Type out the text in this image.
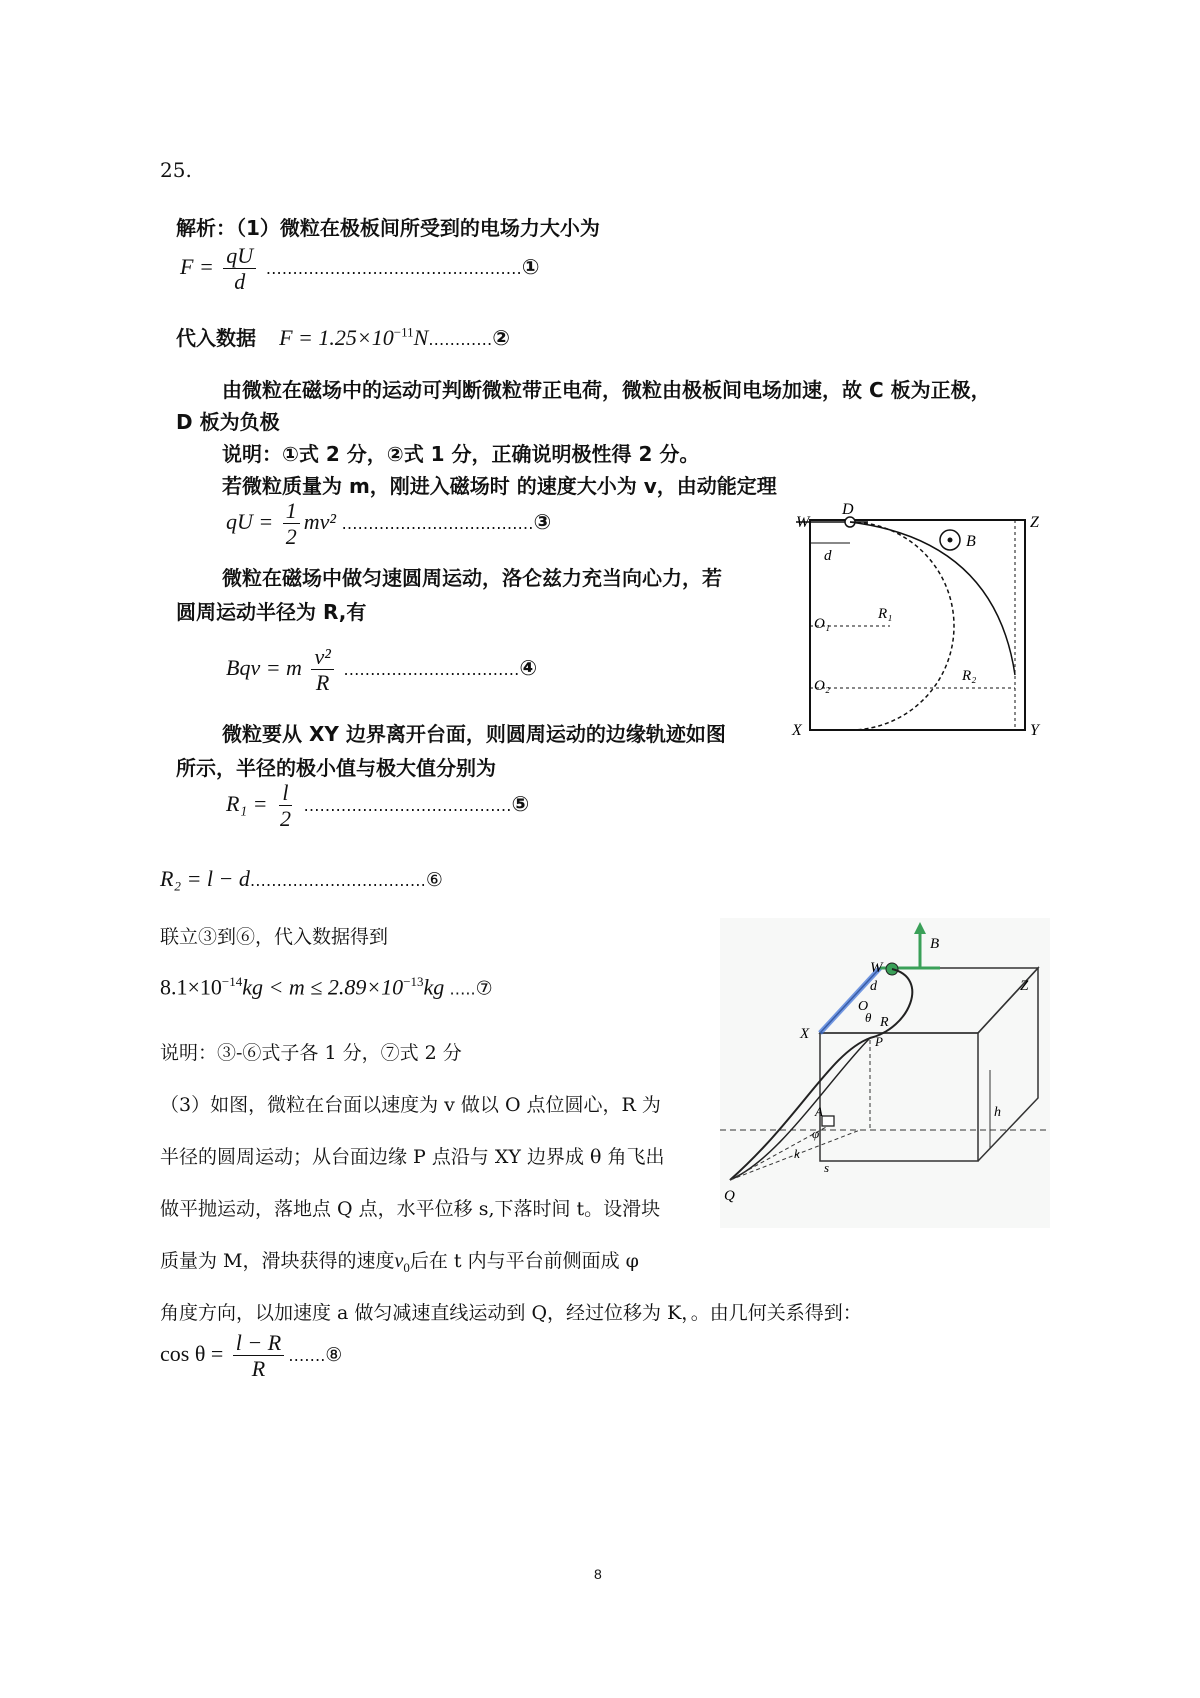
25.
解析：（1）微粒在极板间所受到的电场力大小为
$F = \frac{qU}{d}$ …………………………………………①
代入数据 $F = 1.25\times 10^{-11}N\dots\dots\dots\dots ②$
由微粒在磁场中的运动可判断微粒带正电荷，微粒由极板间电场加速，故 C 板为正极，
D 板为负极
说明：①式 2 分，②式 1 分，正确说明极性得 2 分。
若微粒质量为 m，刚进入磁场时 的速度大小为 v，由动能定理
qU = $\frac{1}{2} mv^2$ ………………………………③
微粒在磁场中做匀速圆周运动，洛仑兹力充当向心力，若
圆周运动半径为 R,有
Bqv = m $\frac{\text{v²}}{R}$ ……………………………④
微粒要从 XY 边界离开台面，则圆周运动的边缘轨迹如图
所示，半径的极小值与极大值分别为
$R_1 = \frac{l}{2}$ …………………………………⑤
W
D
Z
B
d
O₁
O₂
R₁
R₂
X	Y
R₂ = l − d……………………………⑥
联立③到⑥，代入数据得到
$8.1\times 10^{-14}kg < m \le 2.89\times 10^{-13}kg$ …..⑦
说明：③-⑥式子各 1 分，⑦式 2 分
（3）如图，微粒在台面以速度为 v 做以 O 点位圆心，R 为
半径的圆周运动；从台面边缘 P 点沿与 XY 边界成 θ 角飞出
做平抛运动，落地点 Q 点，水平位移 s,下落时间 t。设滑块
质量为 M，滑块获得的速度$v_0$后在 t 内与平台前侧面成 φ
角度方向，以加速度 a 做匀减速直线运动到 Q，经过位移为 K，。由几何关系得到：
$\cos \theta = \frac{l - R}{R}$ …….⑧
W
Z
B
d
O
R
θ
X	P
A
φ
k
s
Q
h
8
